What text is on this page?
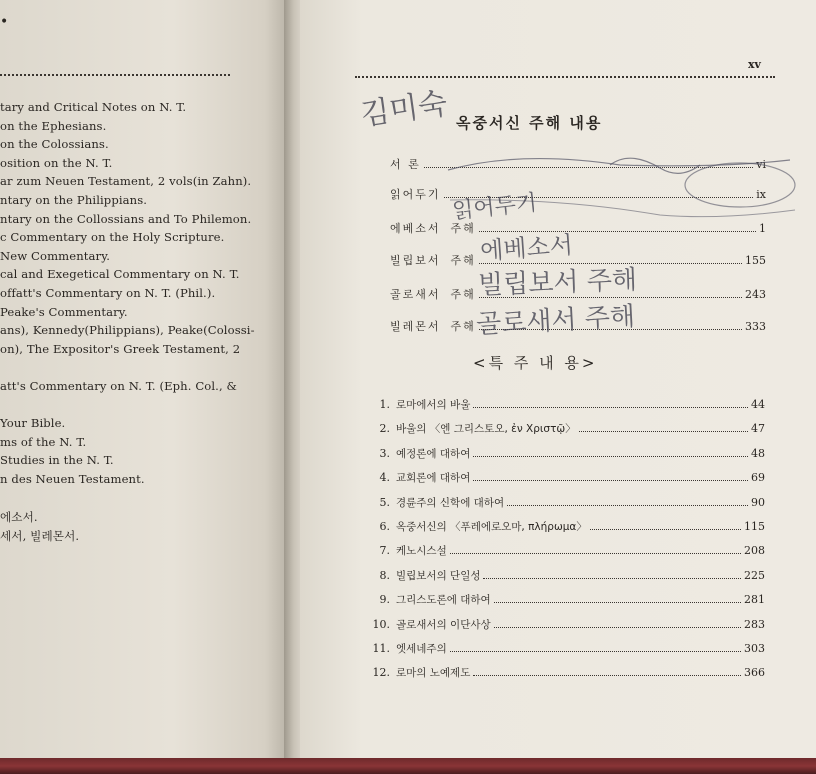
•
tary and Critical Notes on N. T.
on the Ephesians.
on the Colossians.
osition on the N. T.
ar zum Neuen Testament, 2 vols(in Zahn).
ntary on the Philippians.
ntary on the Collossians and To Philemon.
c Commentary on the Holy Scripture.
New Commentary.
cal and Exegetical Commentary on N. T.
offatt's Commentary on N. T. (Phil.).
Peake's Commentary.
ans), Kennedy(Philippians), Peake(Colossi-
on), The Expositor's Greek Testament, 2
att's Commentary on N. T. (Eph. Col., &
Your Bible.
ms of the N. T.
Studies in the N. T.
n des Neuen Testament.
에소서.
세서, 빌레몬서.
xv
옥중서신 주해 내용
서 론	vi
읽어두기	ix
에베소서 주해	1
빌립보서 주해	155
골로새서 주해	243
빌레몬서 주해	333
<특 주 내 용>
1. 로마에서의 바울	44
2. 바울의 〈엔 그리스토오, ἐν Χριστῷ〉	47
3. 예정론에 대하여	48
4. 교회론에 대하여	69
5. 경륜주의 신학에 대하여	90
6. 옥중서신의 〈푸레에로오마, πλήρωμα〉	115
7. 케노시스설	208
8. 빌립보서의 단일성	225
9. 그리스도론에 대하여	281
10. 골로새서의 이단사상	283
11. 엣세네주의	303
12. 로마의 노예제도	366
김미숙
읽어두기
에베소서
빌립보서 주해
골로새서 주해
